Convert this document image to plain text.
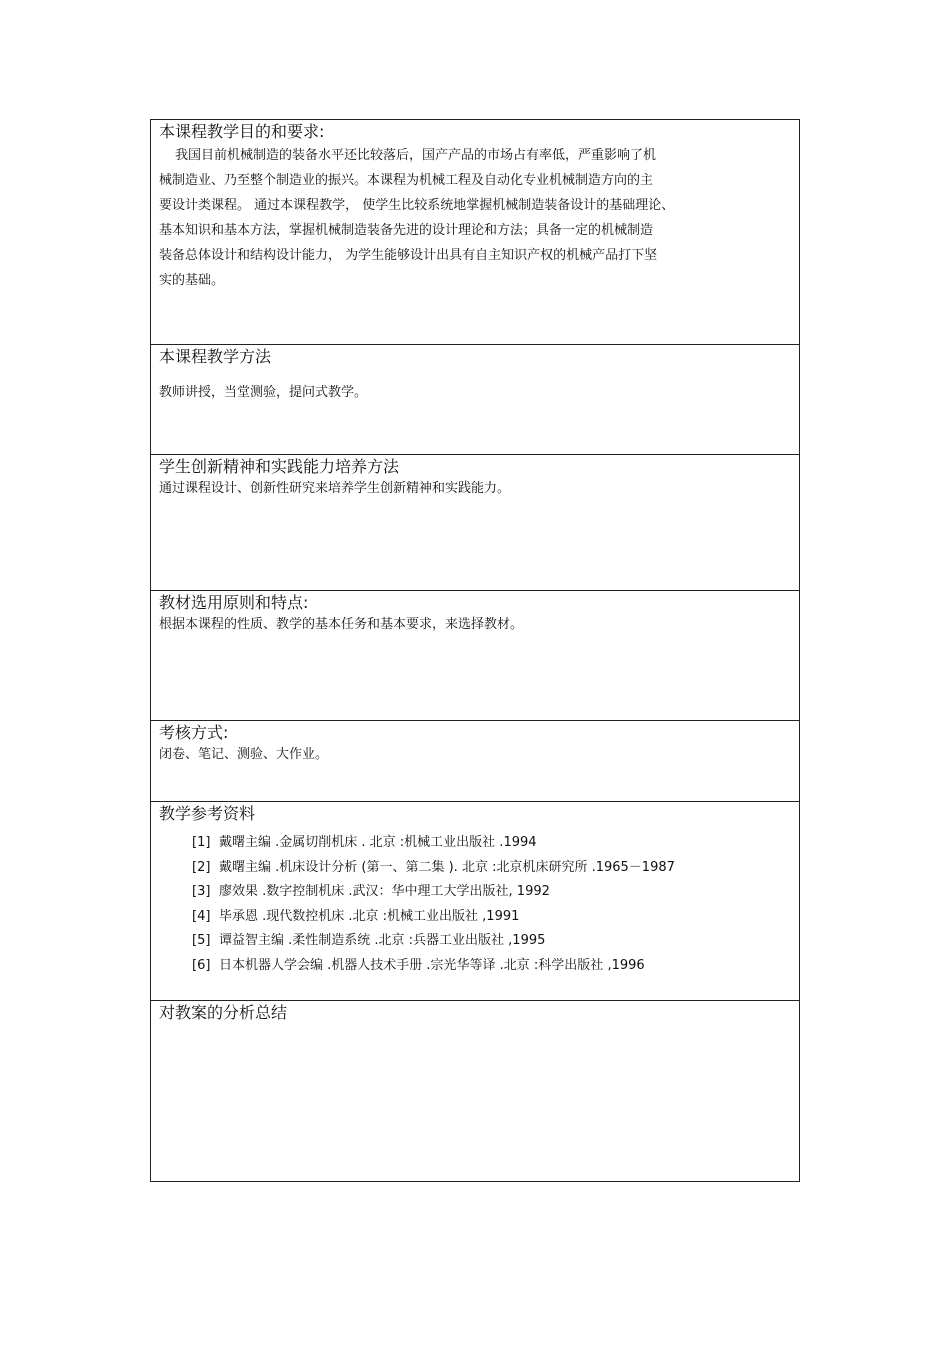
本课程教学目的和要求:
我国目前机械制造的装备水平还比较落后，国产产品的市场占有率低，严重影响了机
械制造业、乃至整个制造业的振兴。本课程为机械工程及自动化专业机械制造方向的主
要设计类课程。 通过本课程教学， 使学生比较系统地掌握机械制造装备设计的基础理论、
基本知识和基本方法，掌握机械制造装备先进的设计理论和方法；具备一定的机械制造
装备总体设计和结构设计能力， 为学生能够设计出具有自主知识产权的机械产品打下坚
实的基础。
本课程教学方法
教师讲授，当堂测验，提问式教学。
学生创新精神和实践能力培养方法
通过课程设计、创新性研究来培养学生创新精神和实践能力。
教材选用原则和特点:
根据本课程的性质、教学的基本任务和基本要求，来选择教材。
考核方式:
闭卷、笔记、测验、大作业。
教学参考资料
[1] 戴曙主编 .金属切削机床 . 北京 :机械工业出版社 .1994
[2] 戴曙主编 .机床设计分析 (第一、第二集 ). 北京 :北京机床研究所 .1965－1987
[3] 廖效果 .数字控制机床 .武汉：华中理工大学出版社, 1992
[4] 毕承恩 .现代数控机床 .北京 :机械工业出版社 ,1991
[5] 谭益智主编 .柔性制造系统 .北京 :兵器工业出版社 ,1995
[6] 日本机器人学会编 .机器人技术手册 .宗光华等译 .北京 :科学出版社 ,1996
对教案的分析总结
